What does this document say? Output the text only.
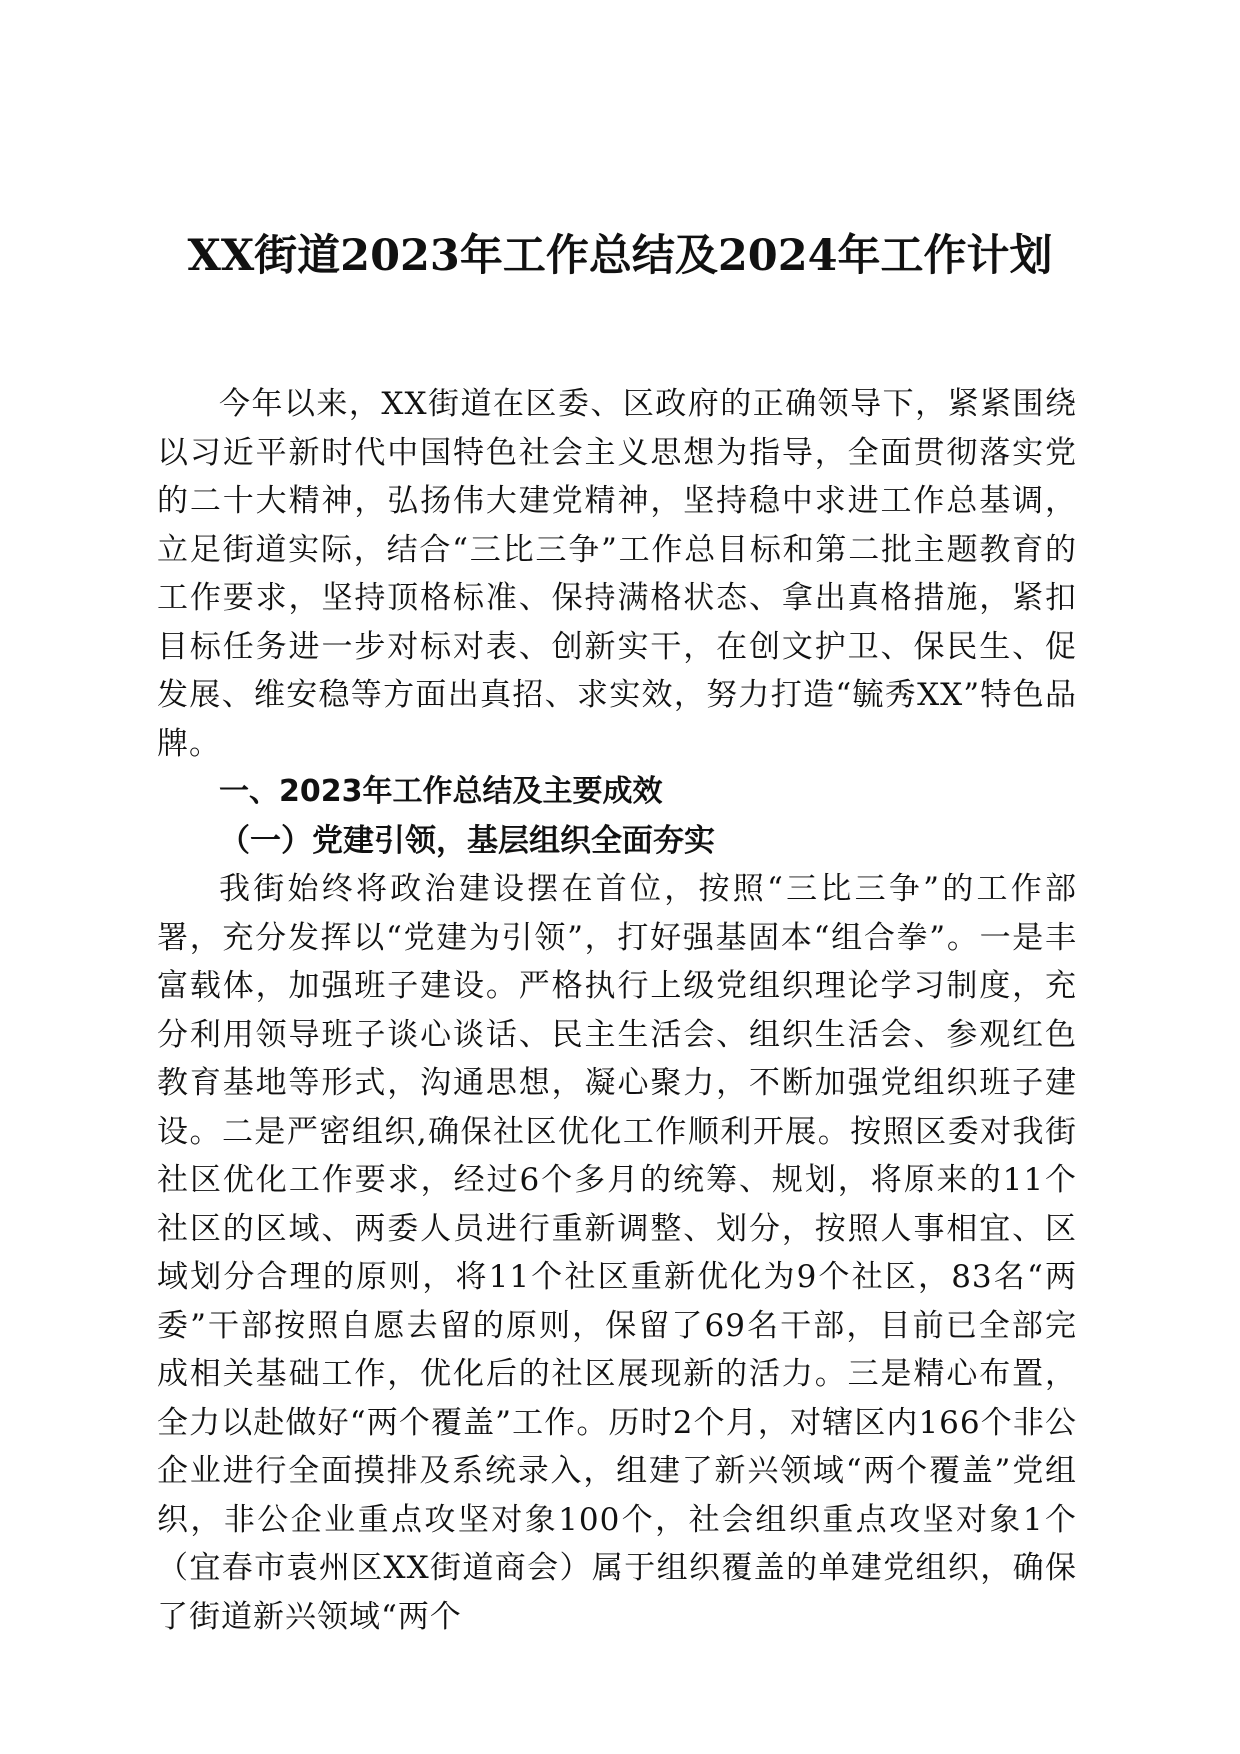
XX街道2023年工作总结及2024年工作计划

今年以来，XX街道在区委、区政府的正确领导下，紧紧围绕以习近平新时代中国特色社会主义思想为指导，全面贯彻落实党的二十大精神，弘扬伟大建党精神，坚持稳中求进工作总基调，立足街道实际，结合“三比三争”工作总目标和第二批主题教育的工作要求，坚持顶格标准、保持满格状态、拿出真格措施，紧扣目标任务进一步对标对表、创新实干，在创文护卫、保民生、促发展、维安稳等方面出真招、求实效，努力打造“毓秀XX”特色品牌。

一、2023年工作总结及主要成效

（一）党建引领，基层组织全面夯实

我街始终将政治建设摆在首位，按照“三比三争”的工作部署，充分发挥以“党建为引领”，打好强基固本“组合拳”。一是丰富载体，加强班子建设。严格执行上级党组织理论学习制度，充分利用领导班子谈心谈话、民主生活会、组织生活会、参观红色教育基地等形式，沟通思想，凝心聚力，不断加强党组织班子建设。二是严密组织,确保社区优化工作顺利开展。按照区委对我街社区优化工作要求，经过6个多月的统筹、规划，将原来的11个社区的区域、两委人员进行重新调整、划分，按照人事相宜、区域划分合理的原则，将11个社区重新优化为9个社区，83名“两委”干部按照自愿去留的原则，保留了69名干部，目前已全部完成相关基础工作，优化后的社区展现新的活力。三是精心布置，全力以赴做好“两个覆盖”工作。历时2个月，对辖区内166个非公企业进行全面摸排及系统录入，组建了新兴领域“两个覆盖”党组织，非公企业重点攻坚对象100个，社会组织重点攻坚对象1个（宜春市袁州区XX街道商会）属于组织覆盖的单建党组织，确保了街道新兴领域“两个
